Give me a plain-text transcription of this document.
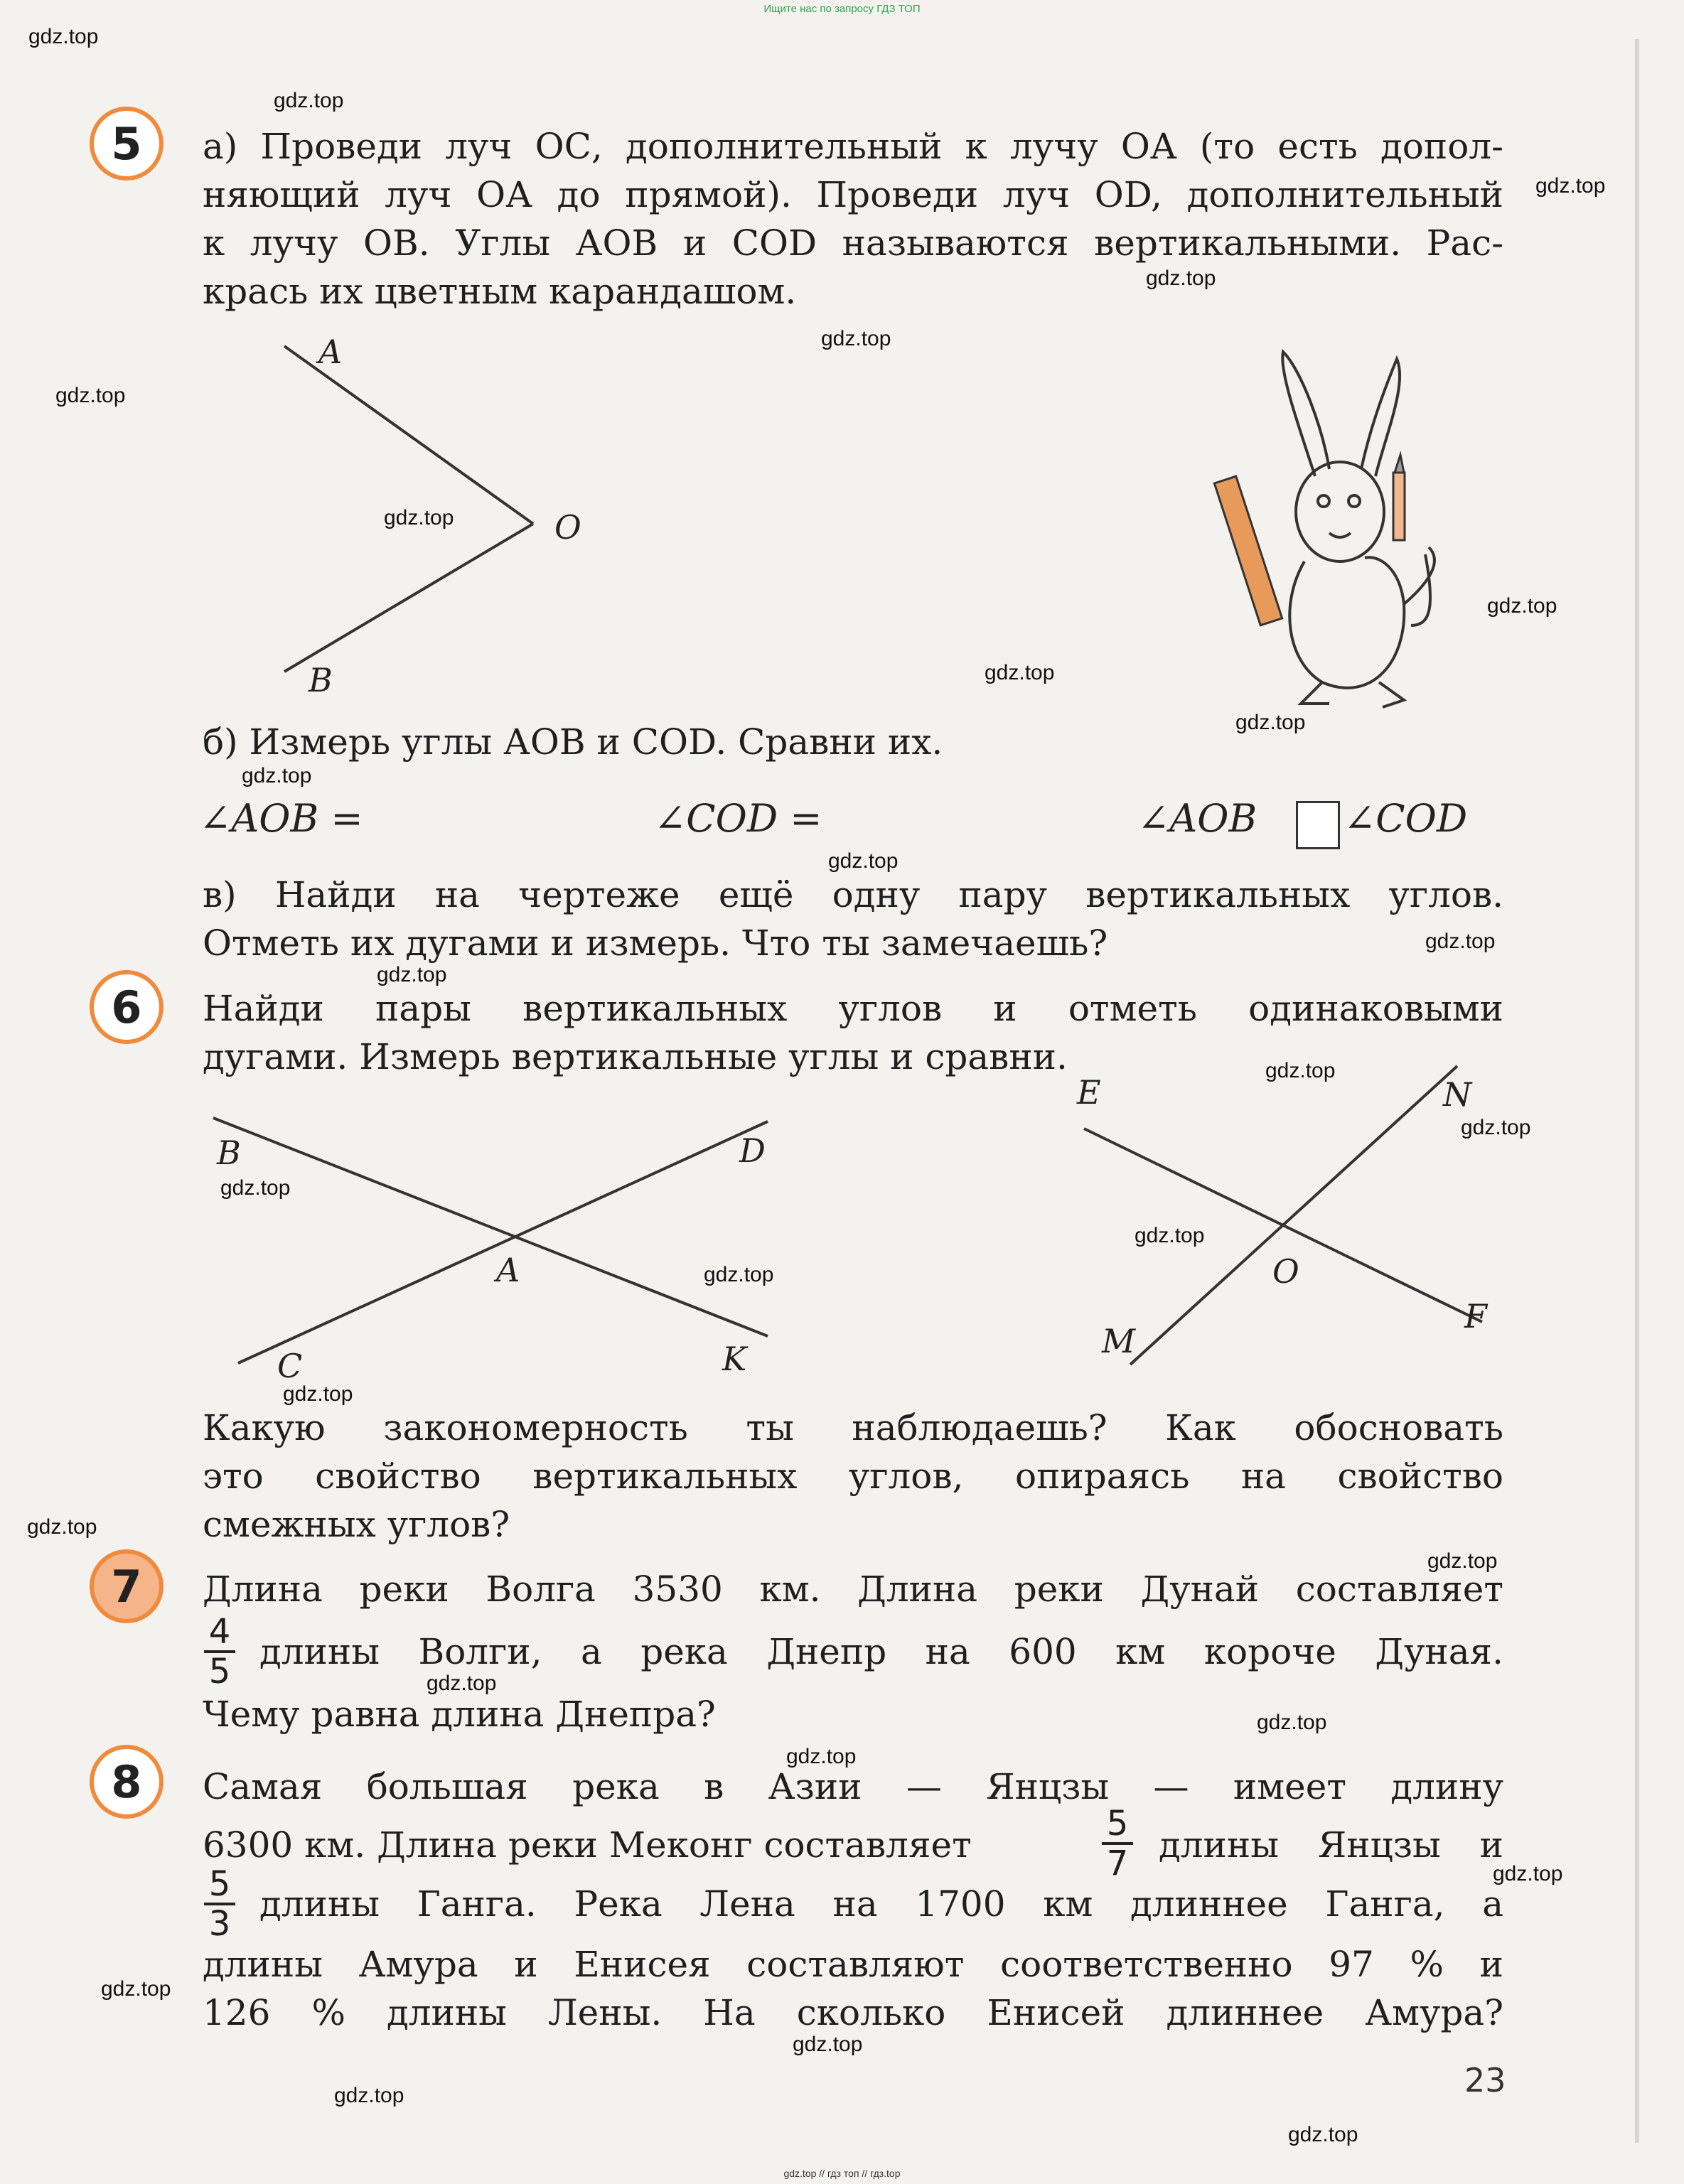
Ищите нас по запросу ГДЗ ТОП
5	а) Проведи луч ОС, дополнительный к лучу ОА (то есть допол-
няющий луч ОА до прямой). Проведи луч OD, дополнительный
к лучу ОВ. Углы АОВ и COD называются вертикальными. Рас-
крась их цветным карандашом.
A
O
B
б) Измерь углы АОВ и COD. Сравни их.
∠AOB =	∠COD =	∠AOB ∠COD
в) Найди на чертеже ещё одну пару вертикальных углов.
Отметь их дугами и измерь. Что ты замечаешь?
6	Найди пары вертикальных углов и отметь одинаковыми
дугами. Измерь вертикальные углы и сравни.
B	D
A
C	K
E	N
O
M
F
Какую закономерность ты наблюдаешь? Как обосновать
это свойство вертикальных углов, опираясь на свойство
смежных углов?
7	Длина реки Волга 3530 км. Длина реки Дунай составляет
4
5 длины Волги, а река Днепр на 600 км короче Дуная.
Чему равна длина Днепра?
8	Самая большая река в Азии — Янцзы — имеет длину
6300 км. Длина реки Меконг составляет
5
7 длины Янцзы и
5
3 длины Ганга. Река Лена на 1700 км длиннее Ганга, а
длины Амура и Енисея составляют соответственно 97 % и
126 % длины Лены. На сколько Енисей длиннее Амура?
23
gdz.top
gdz.top
gdz.top
gdz.top
gdz.top
gdz.top
gdz.top
gdz.top
gdz.top
gdz.top
gdz.top
gdz.top
gdz.top
gdz.top
gdz.top
gdz.top
gdz.top
gdz.top
gdz.top
gdz.top
gdz.top
gdz.top
gdz.top
gdz.top
gdz.top
gdz.top
gdz.top
gdz.top
gdz.top
gdz.top
gdz.top // гдз топ // гдз.top
